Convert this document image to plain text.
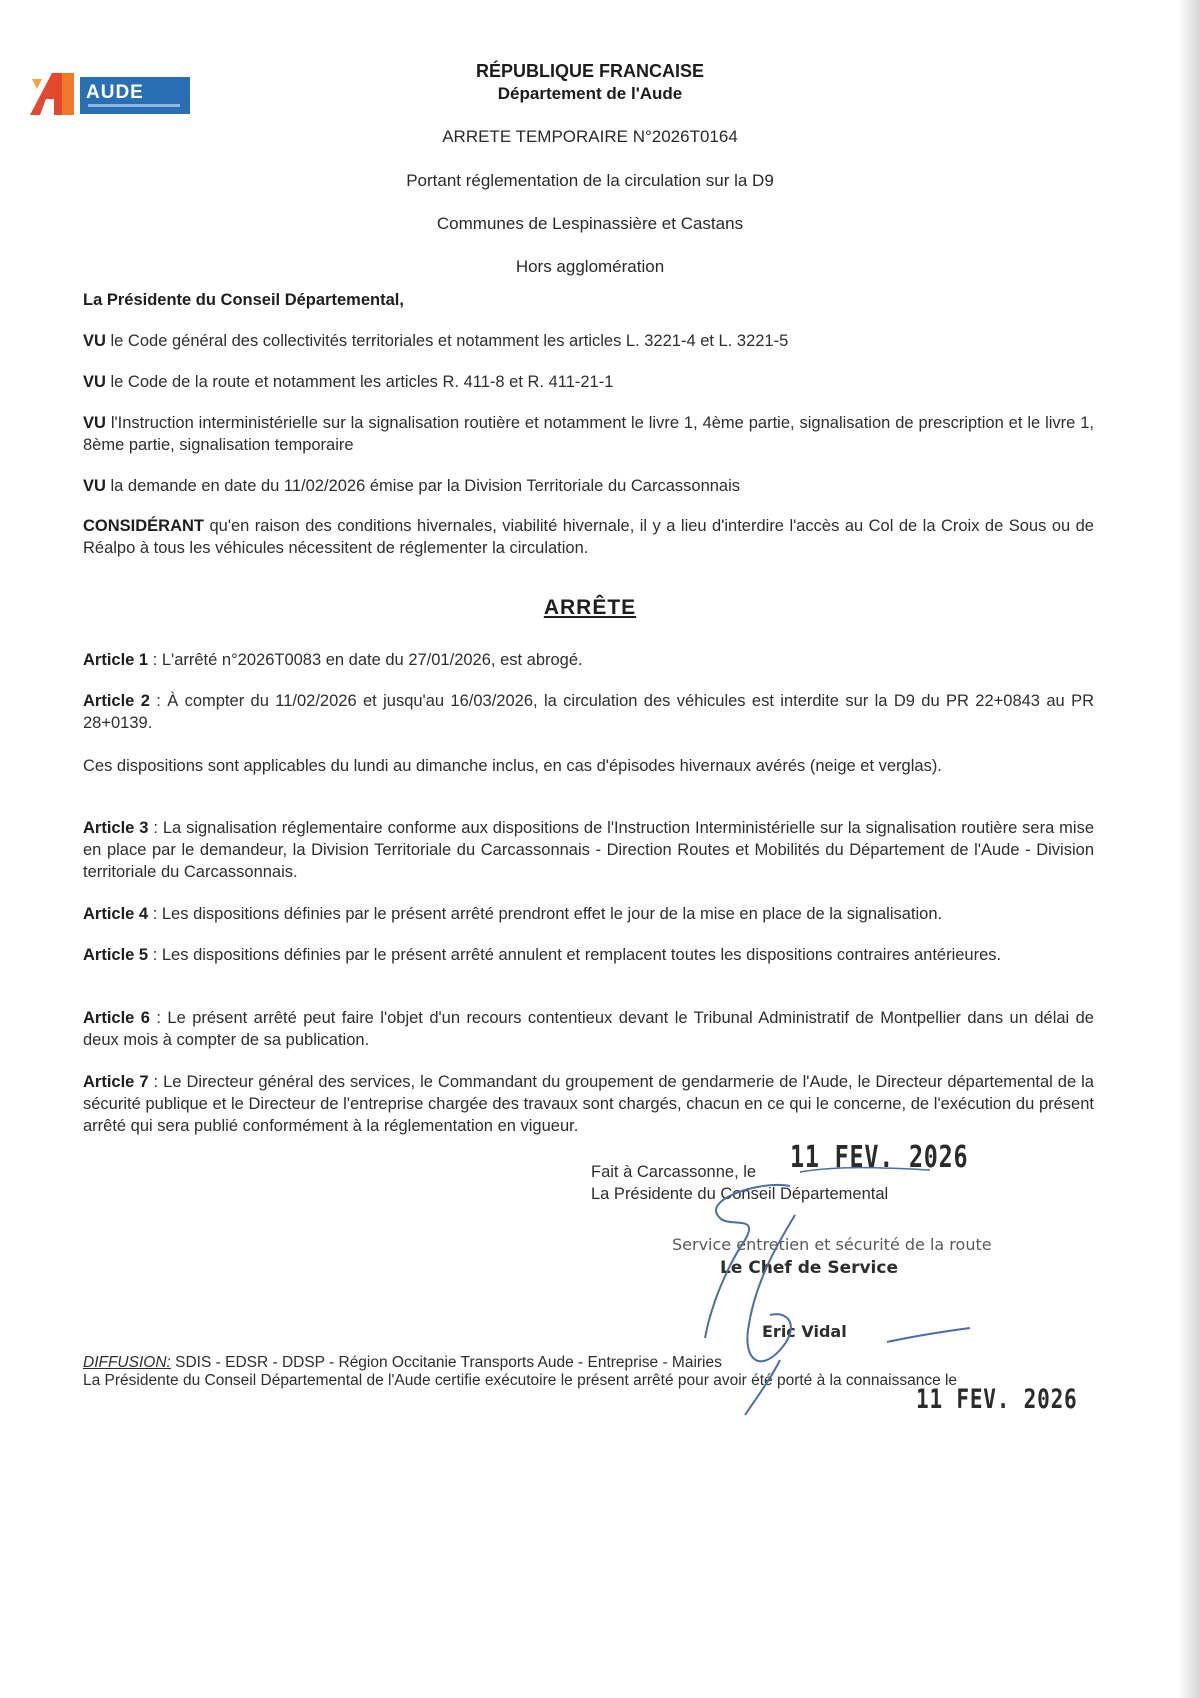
AUDE
RÉPUBLIQUE FRANCAISE
Département de l'Aude
ARRETE TEMPORAIRE N°2026T0164
Portant réglementation de la circulation sur la D9
Communes de Lespinassière et Castans
Hors agglomération
La Présidente du Conseil Départemental,
VU le Code général des collectivités territoriales et notamment les articles L. 3221-4 et L. 3221-5
VU le Code de la route et notamment les articles R. 411-8 et R. 411-21-1
VU l'Instruction interministérielle sur la signalisation routière et notamment le livre 1, 4ème partie, signalisation de prescription et le livre 1, 8ème partie, signalisation temporaire
VU la demande en date du 11/02/2026 émise par la Division Territoriale du Carcassonnais
CONSIDÉRANT qu'en raison des conditions hivernales, viabilité hivernale, il y a lieu d'interdire l'accès au Col de la Croix de Sous ou de Réalpo à tous les véhicules nécessitent de réglementer la circulation.
ARRÊTE
Article 1 : L'arrêté n°2026T0083 en date du 27/01/2026, est abrogé.
Article 2 : À compter du 11/02/2026 et jusqu'au 16/03/2026, la circulation des véhicules est interdite sur la D9 du PR 22+0843 au PR 28+0139.
Ces dispositions sont applicables du lundi au dimanche inclus, en cas d'épisodes hivernaux avérés (neige et verglas).
Article 3 : La signalisation réglementaire conforme aux dispositions de l'Instruction Interministérielle sur la signalisation routière sera mise en place par le demandeur, la Division Territoriale du Carcassonnais - Direction Routes et Mobilités du Département de l'Aude - Division territoriale du Carcassonnais.
Article 4 : Les dispositions définies par le présent arrêté prendront effet le jour de la mise en place de la signalisation.
Article 5 : Les dispositions définies par le présent arrêté annulent et remplacent toutes les dispositions contraires antérieures.
Article 6 : Le présent arrêté peut faire l'objet d'un recours contentieux devant le Tribunal Administratif de Montpellier dans un délai de deux mois à compter de sa publication.
Article 7 : Le Directeur général des services, le Commandant du groupement de gendarmerie de l'Aude, le Directeur départemental de la sécurité publique et le Directeur de l'entreprise chargée des travaux sont chargés, chacun en ce qui le concerne, de l'exécution du présent arrêté qui sera publié conformément à la réglementation en vigueur.
Fait à Carcassonne, le 11 FEV. 2026
La Présidente du Conseil Départemental
Service entretien et sécurité de la route
Le Chef de Service
Eric Vidal
DIFFUSION: SDIS - EDSR - DDSP - Région Occitanie Transports Aude - Entreprise - Mairies
La Présidente du Conseil Départemental de l'Aude certifie exécutoire le présent arrêté pour avoir été porté à la connaissance le
11 FEV. 2026
